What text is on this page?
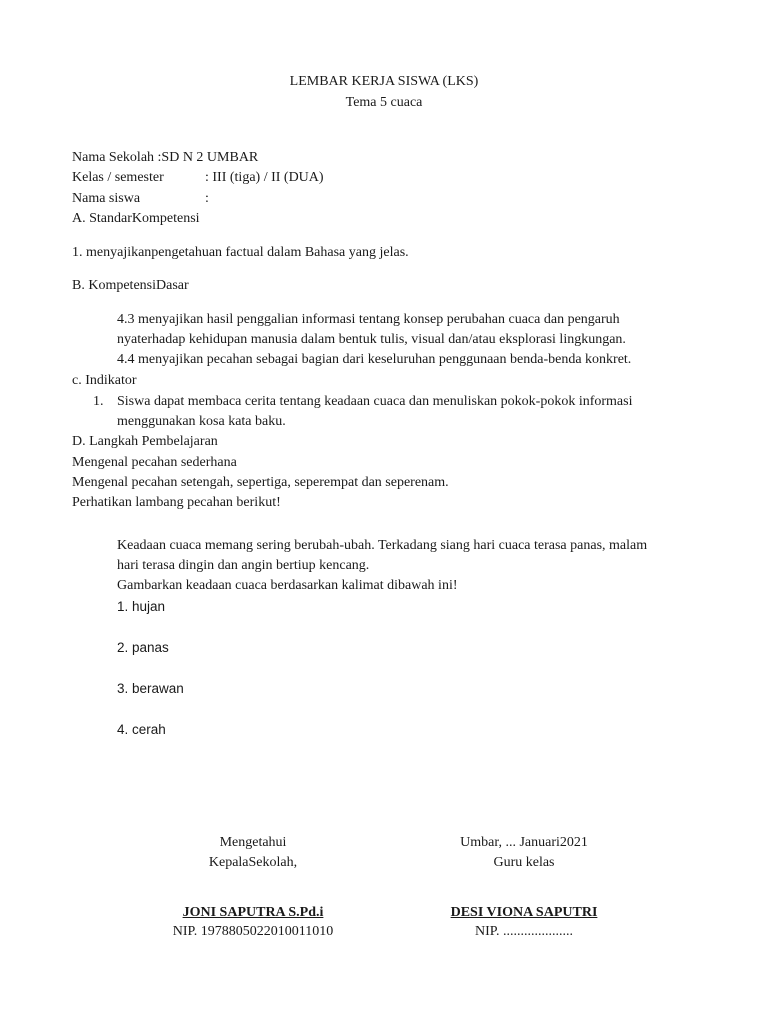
LEMBAR KERJA SISWA (LKS)
Tema 5 cuaca
Nama Sekolah :SD N 2 UMBAR
Kelas / semester	: III (tiga) / II (DUA)
Nama siswa	:
A. StandarKompetensi
1. menyajikanpengetahuan factual dalam Bahasa yang jelas.
B. KompetensiDasar
4.3 menyajikan hasil penggalian informasi tentang konsep perubahan cuaca dan pengaruh
nyaterhadap kehidupan manusia dalam bentuk tulis, visual dan/atau eksplorasi lingkungan.
4.4 menyajikan pecahan sebagai bagian dari keseluruhan penggunaan benda-benda konkret.
c. Indikator
1. Siswa dapat membaca cerita tentang keadaan cuaca dan menuliskan pokok-pokok informasi
menggunakan kosa kata baku.
D. Langkah Pembelajaran
Mengenal pecahan sederhana
Mengenal pecahan setengah, sepertiga, seperempat dan seperenam.
Perhatikan lambang pecahan berikut!
Keadaan cuaca memang sering berubah-ubah. Terkadang siang hari cuaca terasa panas, malam
hari terasa dingin dan angin bertiup kencang.
Gambarkan keadaan cuaca berdasarkan kalimat dibawah ini!
1. hujan
2. panas
3. berawan
4. cerah
Mengetahui
KepalaSekolah,
JONI SAPUTRA S.Pd.i
NIP. 1978805022010011010
Umbar, ... Januari2021
Guru kelas
DESI VIONA SAPUTRI
NIP. ....................
